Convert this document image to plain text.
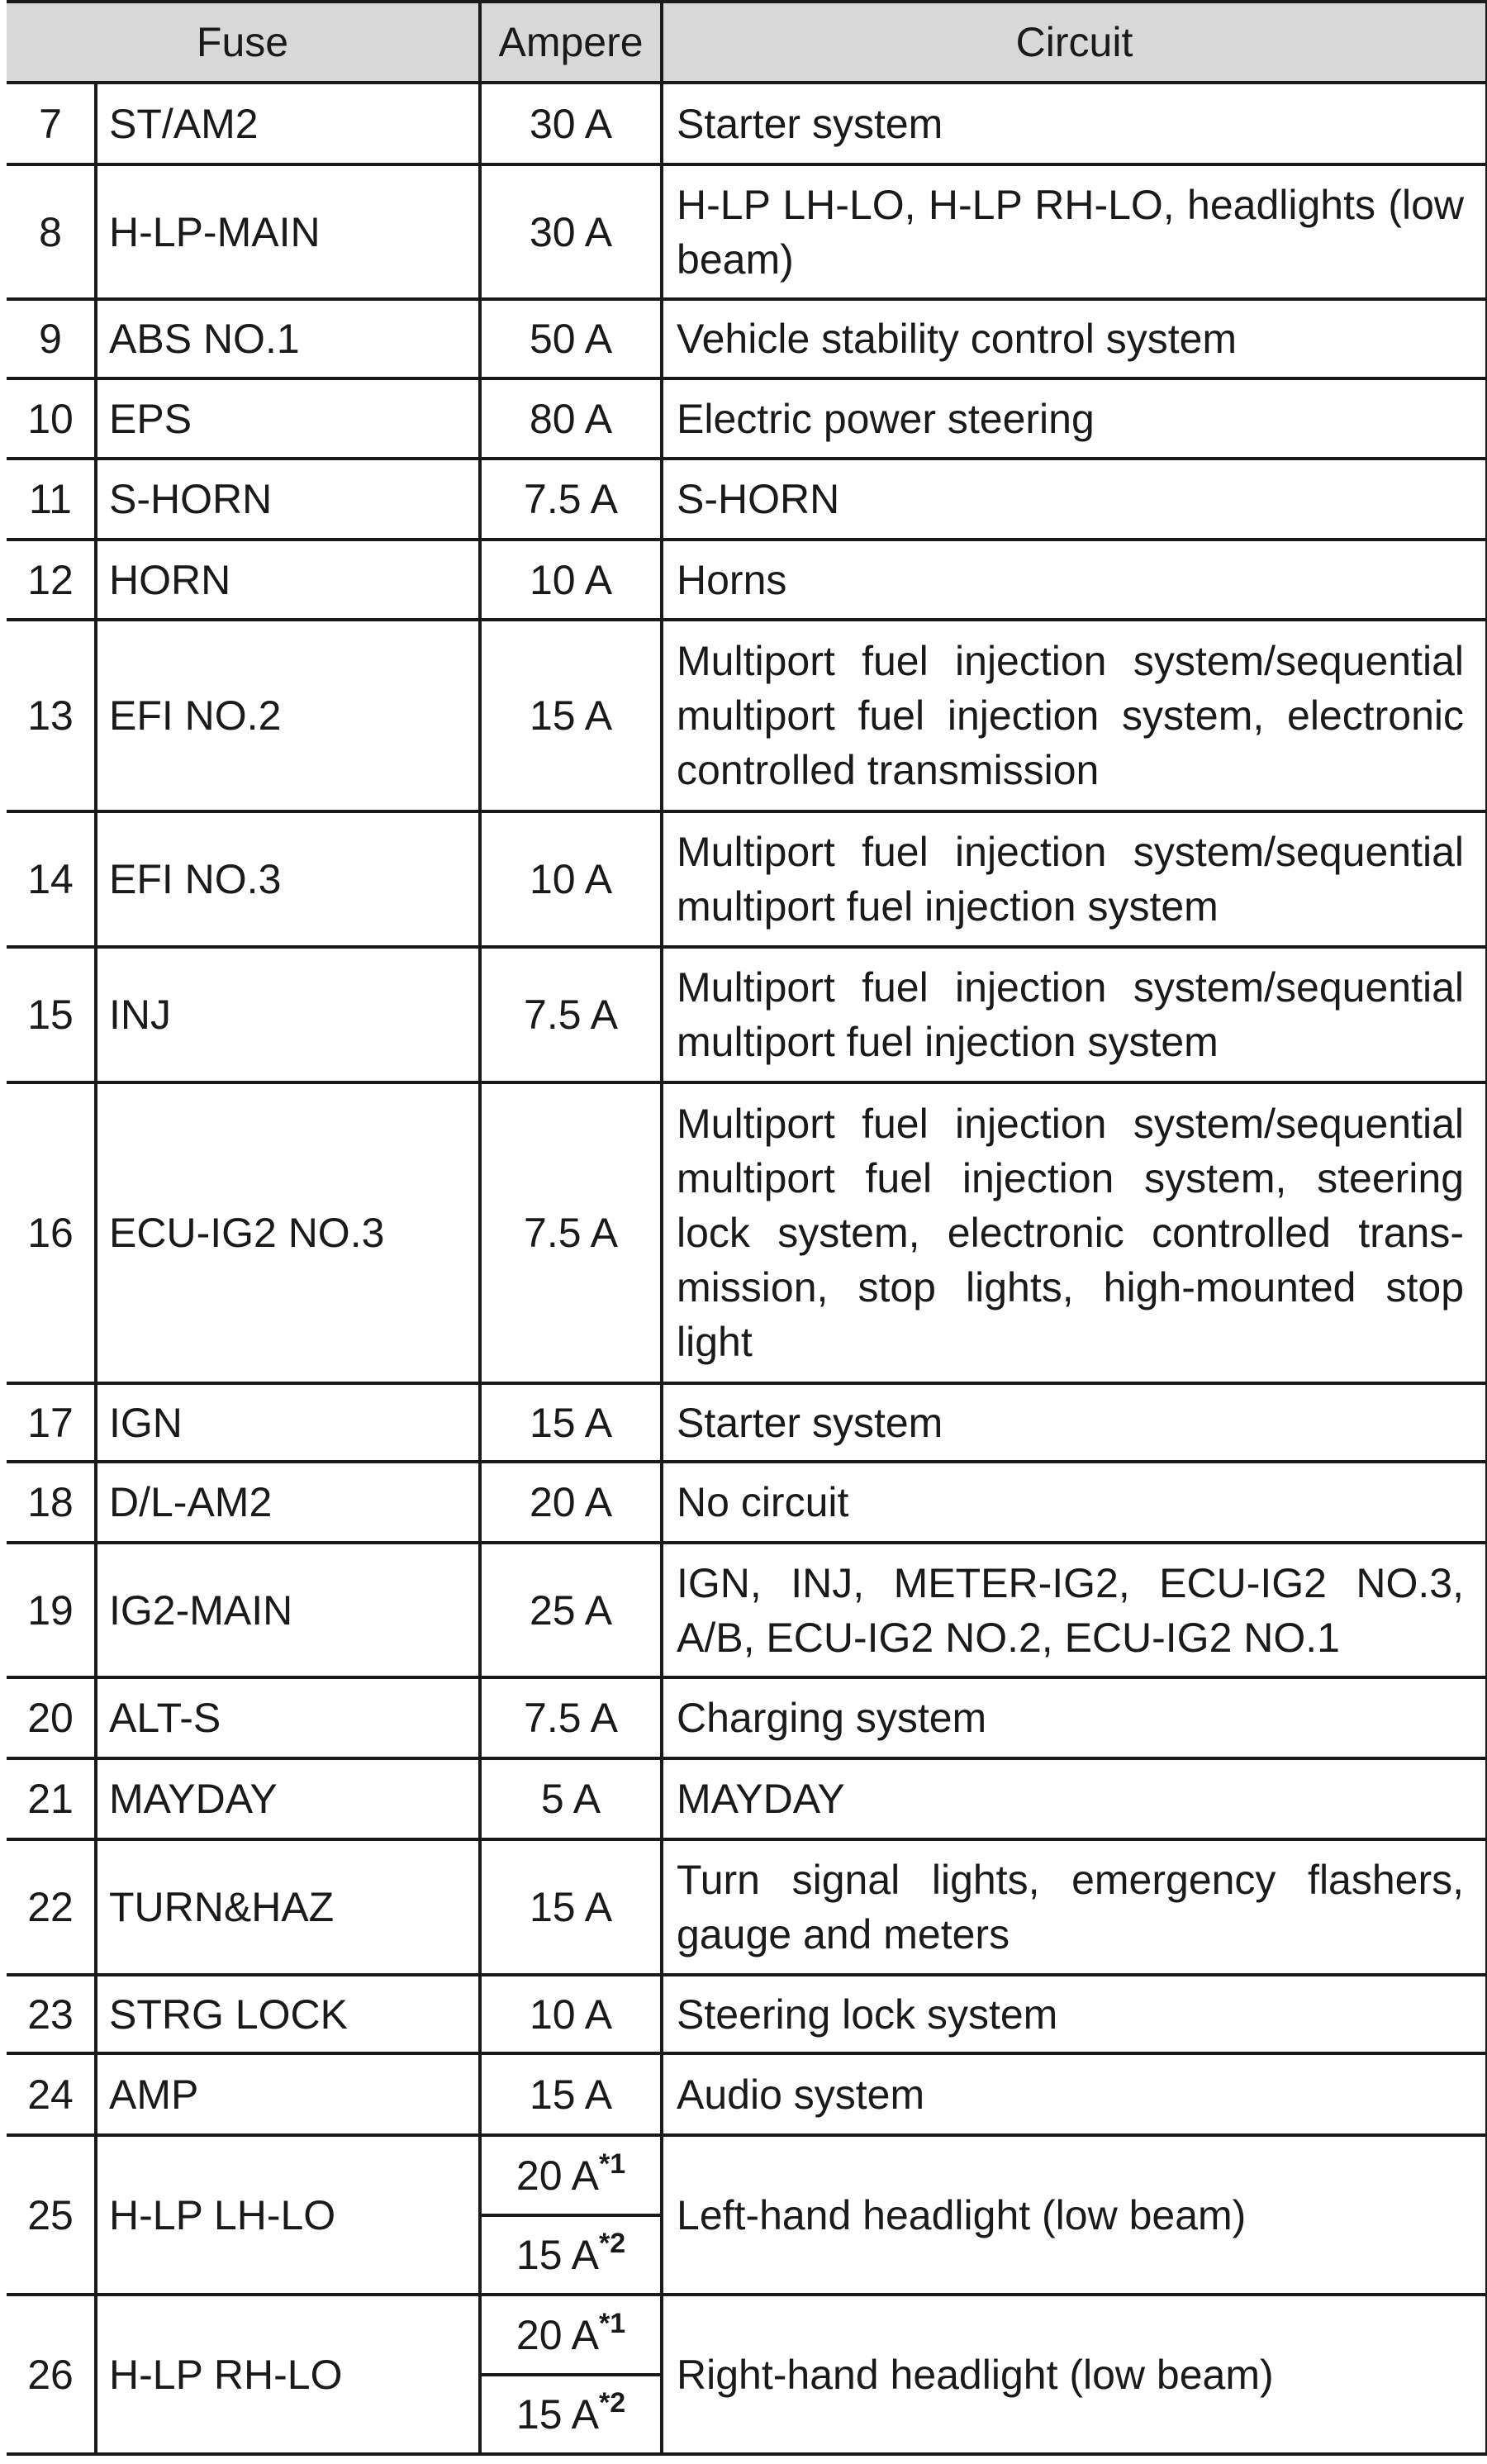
Fuse		Ampere	Circuit
7	ST/AM2	30 A	Starter system
8	H-LP-MAIN	30 A	H-LP LH-LO, H-LP RH-LO, headlights (low beam)
9	ABS NO.1	50 A	Vehicle stability control system
10	EPS	80 A	Electric power steering
11	S-HORN	7.5 A	S-HORN
12	HORN	10 A	Horns
13	EFI NO.2	15 A	Multiport fuel injection system/sequential multiport fuel injection system, electronic controlled transmission
14	EFI NO.3	10 A	Multiport fuel injection system/sequential multiport fuel injection system
15	INJ	7.5 A	Multiport fuel injection system/sequential multiport fuel injection system
16	ECU-IG2 NO.3	7.5 A	Multiport fuel injection system/sequential multiport fuel injection system, steering lock system, electronic controlled trans-mission, stop lights, high-mounted stop light
17	IGN	15 A	Starter system
18	D/L-AM2	20 A	No circuit
19	IG2-MAIN	25 A	IGN, INJ, METER-IG2, ECU-IG2 NO.3, A/B, ECU-IG2 NO.2, ECU-IG2 NO.1
20	ALT-S	7.5 A	Charging system
21	MAYDAY	5 A	MAYDAY
22	TURN&HAZ	15 A	Turn signal lights, emergency flashers, gauge and meters
23	STRG LOCK	10 A	Steering lock system
24	AMP	15 A	Audio system
25	H-LP LH-LO	20 $A^{*1}$	Left-hand headlight (low beam)
		15 $A^{*2}$
26	H-LP RH-LO	20 $A^{*1}$	Right-hand headlight (low beam)
		15 $A^{*2}$
